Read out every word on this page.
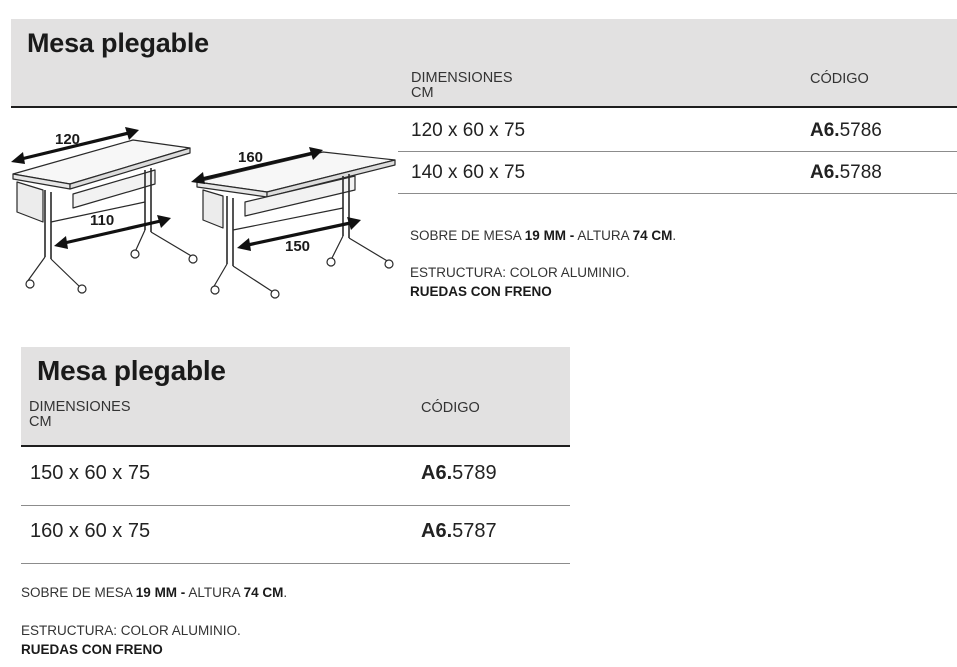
Mesa plegable
DIMENSIONES
CM
CÓDIGO
120 x 60 x 75	A6.5786
140 x 60 x 75	A6.5788
SOBRE DE MESA 19 MM - ALTURA 74 CM.
ESTRUCTURA: COLOR ALUMINIO.
RUEDAS CON FRENO
120
110
160
150
Mesa plegable
DIMENSIONES
CM
CÓDIGO
150 x 60 x 75	A6.5789
160 x 60 x 75	A6.5787
SOBRE DE MESA 19 MM - ALTURA 74 CM.
ESTRUCTURA: COLOR ALUMINIO.
RUEDAS CON FRENO
